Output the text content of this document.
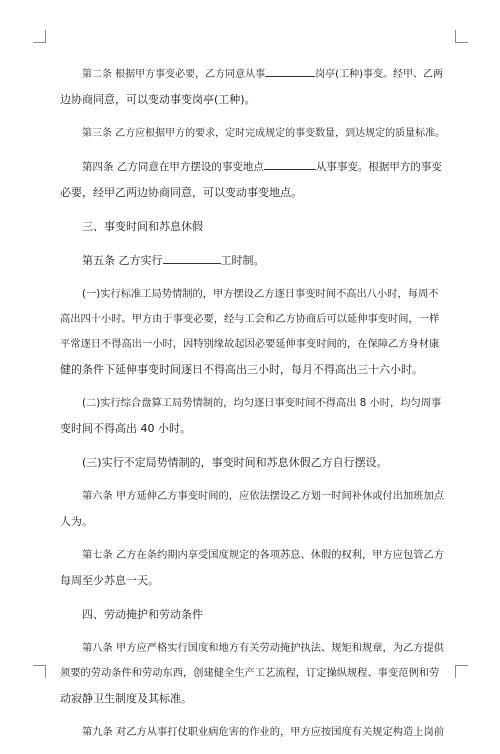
第二条 根据甲方事变必要，乙方同意从事	岗亭(工种)事变。经甲、乙两
边协商同意，可以变动事变岗亭(工种)。
第三条 乙方应根据甲方的要求，定时完成规定的事变数量，到达规定的质量标准。
第四条 乙方同意在甲方摆设的事变地点	从事事变。根据甲方的事变
必要，经甲乙两边协商同意，可以变动事变地点。
三、事变时间和苏息休假
第五条 乙方实行	工时制。
(一)实行标准工局势情制的，甲方摆设乙方逐日事变时间不高出八小时，每周不
高出四十小时。甲方由于事变必要，经与工会和乙方协商后可以延伸事变时间，一样
平常逐日不得高出一小时，因特别缘故起因必要延伸事变时间的，在保障乙方身材康
健的条件下延伸事变时间逐日不得高出三小时，每月不得高出三十六小时。
(二)实行综合盘算工局势情制的，均匀逐日事变时间不得高出 8 小时，均匀周事
变时间不得高出 40 小时。
(三)实行不定局势情制的，事变时间和苏息休假乙方自行摆设。
第六条 甲方延伸乙方事变时间的，应依法摆设乙方划一时间补休或付出加班加点
人为。
第七条 乙方在条约期内享受国度规定的各项苏息、休假的权利，甲方应包管乙方
每周至少苏息一天。
四、劳动掩护和劳动条件
第八条 甲方应严格实行国度和地方有关劳动掩护执法、规矩和规章，为乙方提供
须要的劳动条件和劳动东西，创建健全生产工艺流程，订定操纵规程、事变范例和劳
动寂静卫生制度及其标准。
第九条 对乙方从事打仗职业病危害的作业的，甲方应按国度有关规定构造上岗前
